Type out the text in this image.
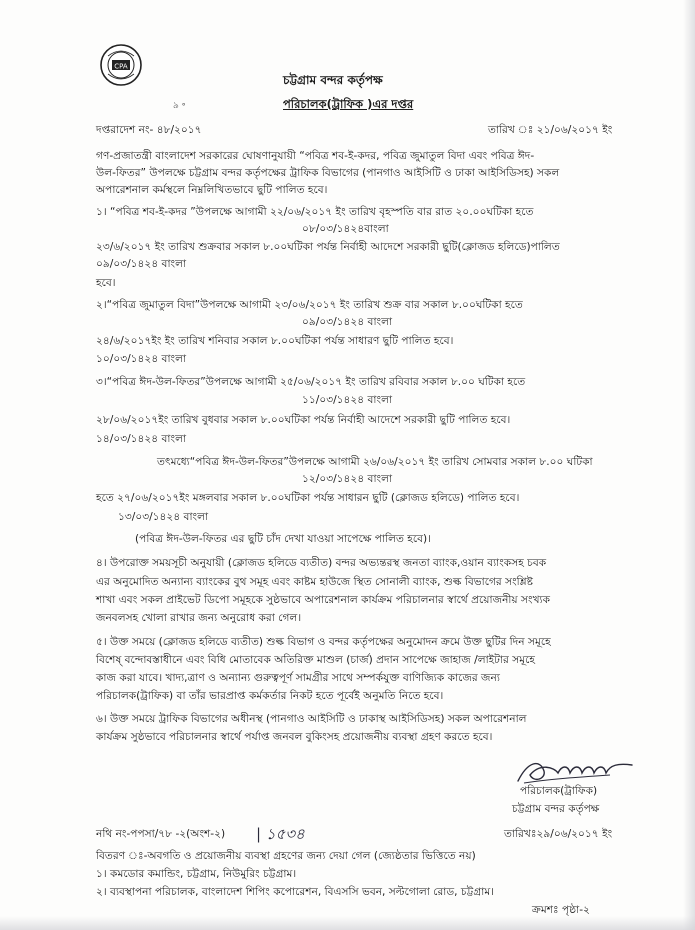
CPA
চট্টগ্রাম বন্দর কর্তৃপক্ষ
পরিচালক(ট্রাফিক )এর দপ্তর
৯ ॰
দপ্তরাদেশ নং- ৪৮/২০১৭	তারিখ ঃ ২১/০৬/২০১৭ ইং
গণ-প্রজাতন্ত্রী বাংলাদেশ সরকারের ঘোষণানুযায়ী “পবিত্র শব-ই-কদর, পবিত্র জুমাতুল বিদা এবং পবিত্র ঈদ-
উল-ফিতর” উপলক্ষে চট্টগ্রাম বন্দর কর্তৃপক্ষের ট্রাফিক বিভাগের (পানগাও আইসিটি ও ঢাকা আইসিডিসহ) সকল
অপারেশনাল কর্মস্থলে নিম্নলিখিতভাবে ছুটি পালিত হবে।
১। “পবিত্র শব-ই-কদর ”উপলক্ষে আগামী ২২/০৬/২০১৭ ইং তারিখ বৃহস্পতি বার রাত ২০.০০ঘটিকা হতে
০৮/০৩/১৪২৪বাংলা
২৩/৬/২০১৭ ইং তারিখ শুক্রবার সকাল ৮.০০ঘটিকা পর্যন্ত নির্বাহী আদেশে সরকারী ছুটি(ক্লোজড হলিডে)পালিত
০৯/০৩/১৪২৪ বাংলা
হবে।
২।“পবিত্র জুমাতুল বিদা”উপলক্ষে আগামী ২৩/০৬/২০১৭ ইং তারিখ শুক্র বার সকাল ৮.০০ঘটিকা হতে
০৯/০৩/১৪২৪ বাংলা
২৪/৬/২০১৭ইং ইং তারিখ শনিবার সকাল ৮.০০ঘটিকা পর্যন্ত সাধারণ ছুটি পালিত হবে।
১০/০৩/১৪২৪ বাংলা
৩।“পবিত্র ঈদ-উল-ফিতর”উপলক্ষে আগামী ২৫/০৬/২০১৭ ইং তারিখ রবিবার সকাল ৮.০০ ঘটিকা হতে
১১/০৩/১৪২৪ বাংলা
২৮/০৬/২০১৭ইং তারিখ বুধবার সকাল ৮.০০ঘটিকা পর্যন্ত নির্বাহী আদেশে সরকারী ছুটি পালিত হবে।
১৪/০৩/১৪২৪ বাংলা
তৎমধ্যে“পবিত্র ঈদ-উল-ফিতর”উপলক্ষে আগামী ২৬/০৬/২০১৭ ইং তারিখ সোমবার সকাল ৮.০০ ঘটিকা
১২/০৩/১৪২৪ বাংলা
হতে ২৭/০৬/২০১৭ইং মঙ্গলবার সকাল ৮.০০ঘটিকা পর্যন্ত সাধারন ছুটি (ক্লোজড হলিডে) পালিত হবে।
১৩/০৩/১৪২৪ বাংলা
(পবিত্র ঈদ-উল-ফিতর এর ছুটি চাঁদ দেখা যাওয়া সাপেক্ষে পালিত হবে)।
৪। উপরোক্ত সময়সূচী অনুযায়ী (ক্লোজড হলিডে ব্যতীত) বন্দর অভ্যন্তরস্থ জনতা ব্যাংক,ওয়ান ব্যাংকসহ চবক
এর অনুমোদিত অন্যান্য ব্যাংকের বুথ সমূহ এবং কাষ্টম হাউজে স্থিত সোনালী ব্যাংক, শুল্ক বিভাগের সংশ্লিষ্ট
শাখা এবং সকল প্রাইভেট ডিপো সমূহকে সুষ্ঠভাবে অপারেশনাল কার্যক্রম পরিচালনার স্বার্থে প্রয়োজনীয় সংখ্যক
জনবলসহ খোলা রাখার জন্য অনুরোধ করা গেল।
৫। উক্ত সময়ে (ক্লোজড হলিডে ব্যতীত) শুল্ক বিভাগ ও বন্দর কর্তৃপক্ষের অনুমোদন ক্রমে উক্ত ছুটির দিন সমূহে
বিশেষ্‌ বন্দোবস্তাধীনে এবং বিধি মোতাবেক অতিরিক্ত মাশুল (চার্জ) প্রদান সাপেক্ষে জাহাজ /লাইটার সমূহে
কাজ করা যাবে। খাদ্য,ত্রাণ ও অন্যান্য গুরুত্বপূর্ণ সামগ্রীর সাথে সম্পর্কযুক্ত বাণিজ্যিক কাজের জন্য
পরিচালক(ট্রাফিক) বা তাঁর ভারপ্রাপ্ত কর্মকর্তার নিকট হতে পূর্বেই অনুমতি নিতে হবে।
৬। উক্ত সময়ে ট্রাফিক বিভাগের অধীনস্থ (পানগাও আইসিটি ও ঢাকাস্থ আইসিডিসহ) সকল অপারেশনাল
কার্যক্রম সুষ্ঠভাবে পরিচালনার স্বার্থে পর্যাপ্ত জনবল বুকিংসহ প্রয়োজনীয় ব্যবস্থা গ্রহণ করতে হবে।
পরিচালক(ট্রাফিক)
চট্টগ্রাম বন্দর কর্তৃপক্ষ
নথি নং-পপসা/৭৮ -২(অংশ-২) | ১৫৩৪	তারিখঃ২৯/০৬/২০১৭ ইং
বিতরণ ঃ-অবগতি ও প্রয়োজনীয় ব্যবস্থা গ্রহণের জন্য দেয়া গেল (জ্যেষ্ঠতার ভিত্তিতে নয়)
১। কমডোর কমান্ডিং, চট্টগ্রাম, নিউমুরিং চট্টগ্রাম।
২। ব্যবস্থাপনা পরিচালক, বাংলাদেশ শিপিং কপোরেশন, বিএসসি ভবন, সল্টগোলা রোড, চট্টগ্রাম।
ক্রমশঃ পৃষ্ঠা-২
